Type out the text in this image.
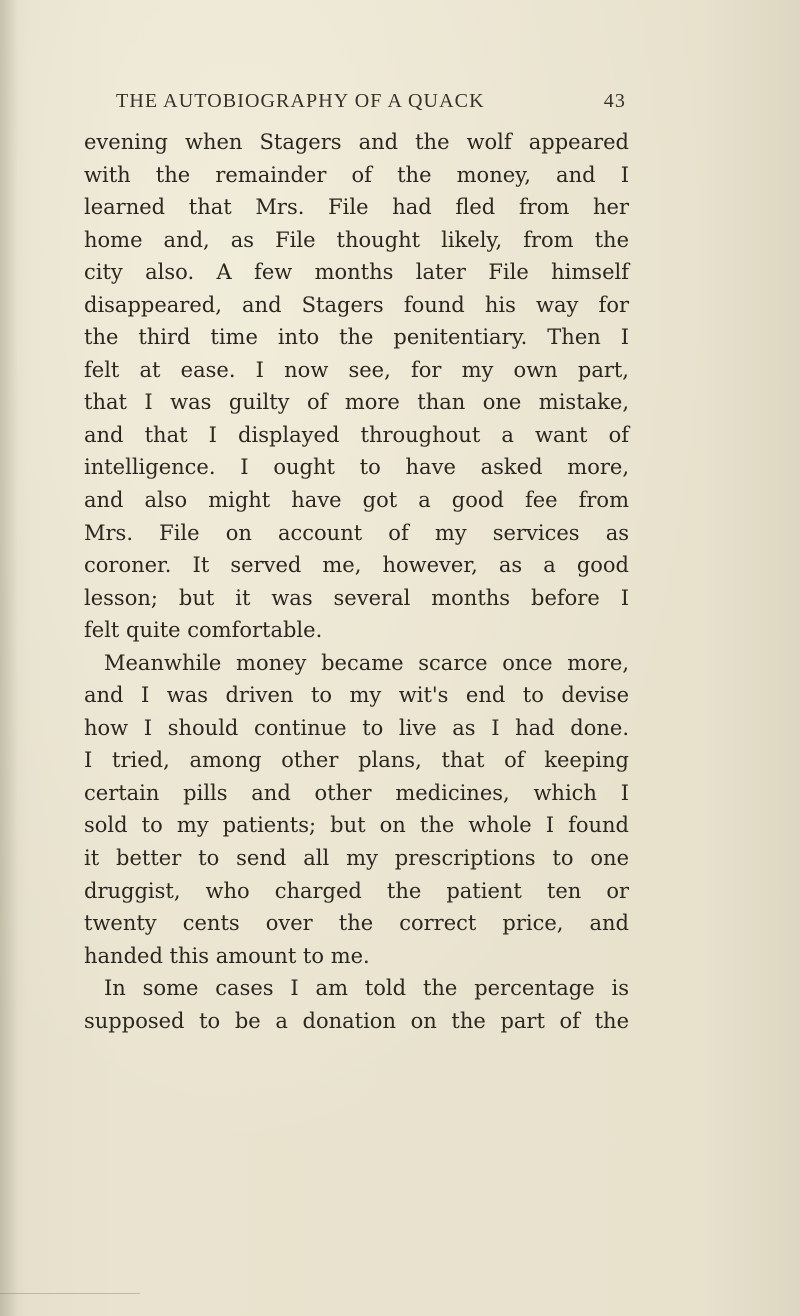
THE AUTOBIOGRAPHY OF A QUACK	43
evening when Stagers and the wolf appeared
with the remainder of the money, and I
learned that Mrs. File had fled from her
home and, as File thought likely, from the
city also. A few months later File himself
disappeared, and Stagers found his way for
the third time into the penitentiary. Then I
felt at ease. I now see, for my own part,
that I was guilty of more than one mistake,
and that I displayed throughout a want of
intelligence. I ought to have asked more,
and also might have got a good fee from
Mrs. File on account of my services as
coroner. It served me, however, as a good
lesson; but it was several months before I
felt quite comfortable.
Meanwhile money became scarce once more,
and I was driven to my wit's end to devise
how I should continue to live as I had done.
I tried, among other plans, that of keeping
certain pills and other medicines, which I
sold to my patients; but on the whole I found
it better to send all my prescriptions to one
druggist, who charged the patient ten or
twenty cents over the correct price, and
handed this amount to me.
In some cases I am told the percentage is
supposed to be a donation on the part of the
